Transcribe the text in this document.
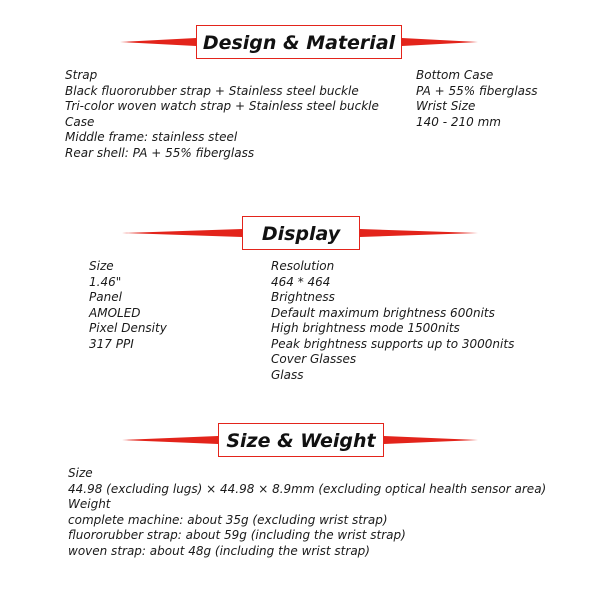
Design & Material
Strap
Black fluororubber strap + Stainless steel buckle
Tri-color woven watch strap + Stainless steel buckle
Case
Middle frame: stainless steel
Rear shell: PA + 55% fiberglass
Bottom Case
PA + 55% fiberglass
Wrist Size
140 - 210 mm
Display
Size
1.46"
Panel
AMOLED
Pixel Density
317 PPI
Resolution
464 * 464
Brightness
Default maximum brightness 600nits
High brightness mode 1500nits
Peak brightness supports up to 3000nits
Cover Glasses
Glass
Size & Weight
Size
44.98 (excluding lugs) × 44.98 × 8.9mm (excluding optical health sensor area)
Weight
complete machine: about 35g (excluding wrist strap)
fluororubber strap: about 59g (including the wrist strap)
woven strap: about 48g (including the wrist strap)
